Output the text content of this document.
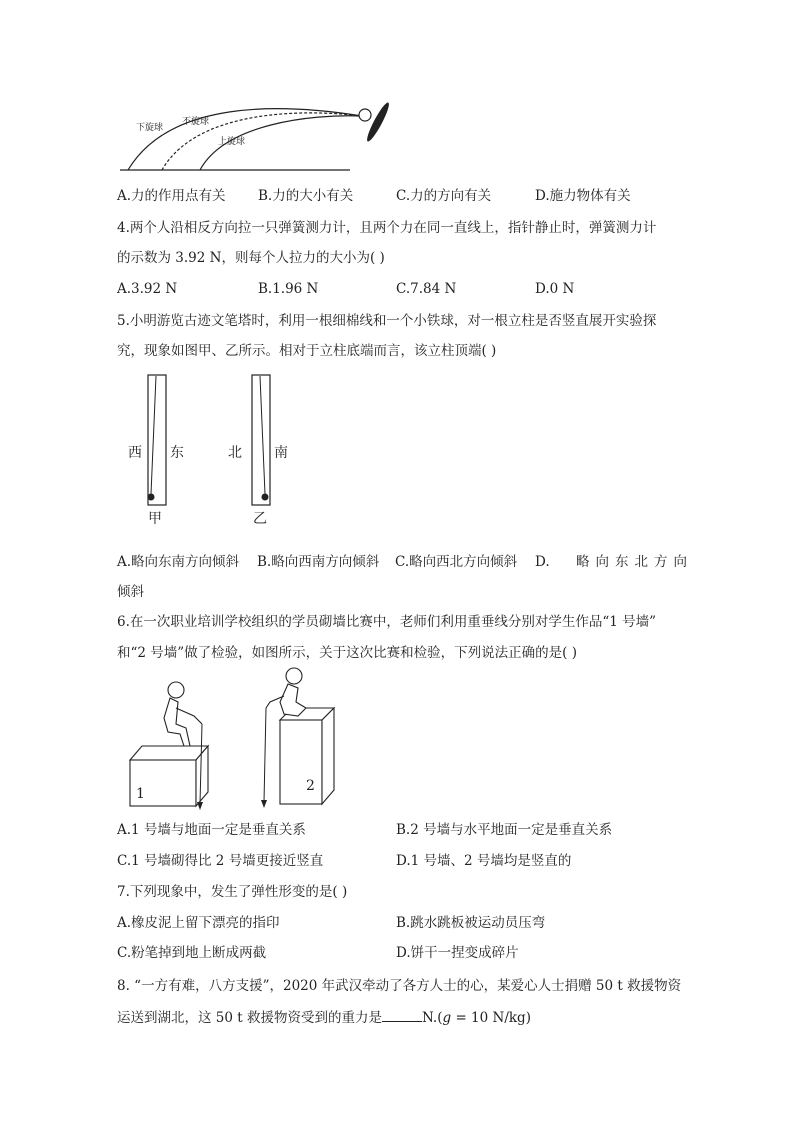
下旋球
不旋球
上旋球
A.力的作用点有关 B.力的大小有关	C.力的方向有关	D.施力物体有关
4.两个人沿相反方向拉一只弹簧测力计，且两个力在同一直线上，指针静止时，弹簧测力计
的示数为 3.92 N，则每个人拉力的大小为( )
A.3.92 N	B.1.96 N	C.7.84 N	D.0 N
5.小明游览古迹文笔塔时，利用一根细棉线和一个小铁球，对一根立柱是否竖直展开实验探
究，现象如图甲、乙所示。相对于立柱底端而言，该立柱顶端( )
西 东
甲
北 南
乙
A.略向东南方向倾斜 B.略向西南方向倾斜 C.略向西北方向倾斜 D. 略向东北方向
倾斜
6.在一次职业培训学校组织的学员砌墙比赛中，老师们利用重垂线分别对学生作品“1 号墙”
和“2 号墙”做了检验，如图所示，关于这次比赛和检验，下列说法正确的是( )
1	2
A.1 号墙与地面一定是垂直关系	B.2 号墙与水平地面一定是垂直关系
C.1 号墙砌得比 2 号墙更接近竖直	D.1 号墙、2 号墙均是竖直的
7.下列现象中，发生了弹性形变的是( )
A.橡皮泥上留下漂亮的指印	B.跳水跳板被运动员压弯
C.粉笔掉到地上断成两截	D.饼干一捏变成碎片
8. “一方有难，八方支援”，2020 年武汉牵动了各方人士的心，某爱心人士捐赠 50 t 救援物资
运送到湖北，这 50 t 救援物资受到的重力是	N.(g = 10 N/kg)
